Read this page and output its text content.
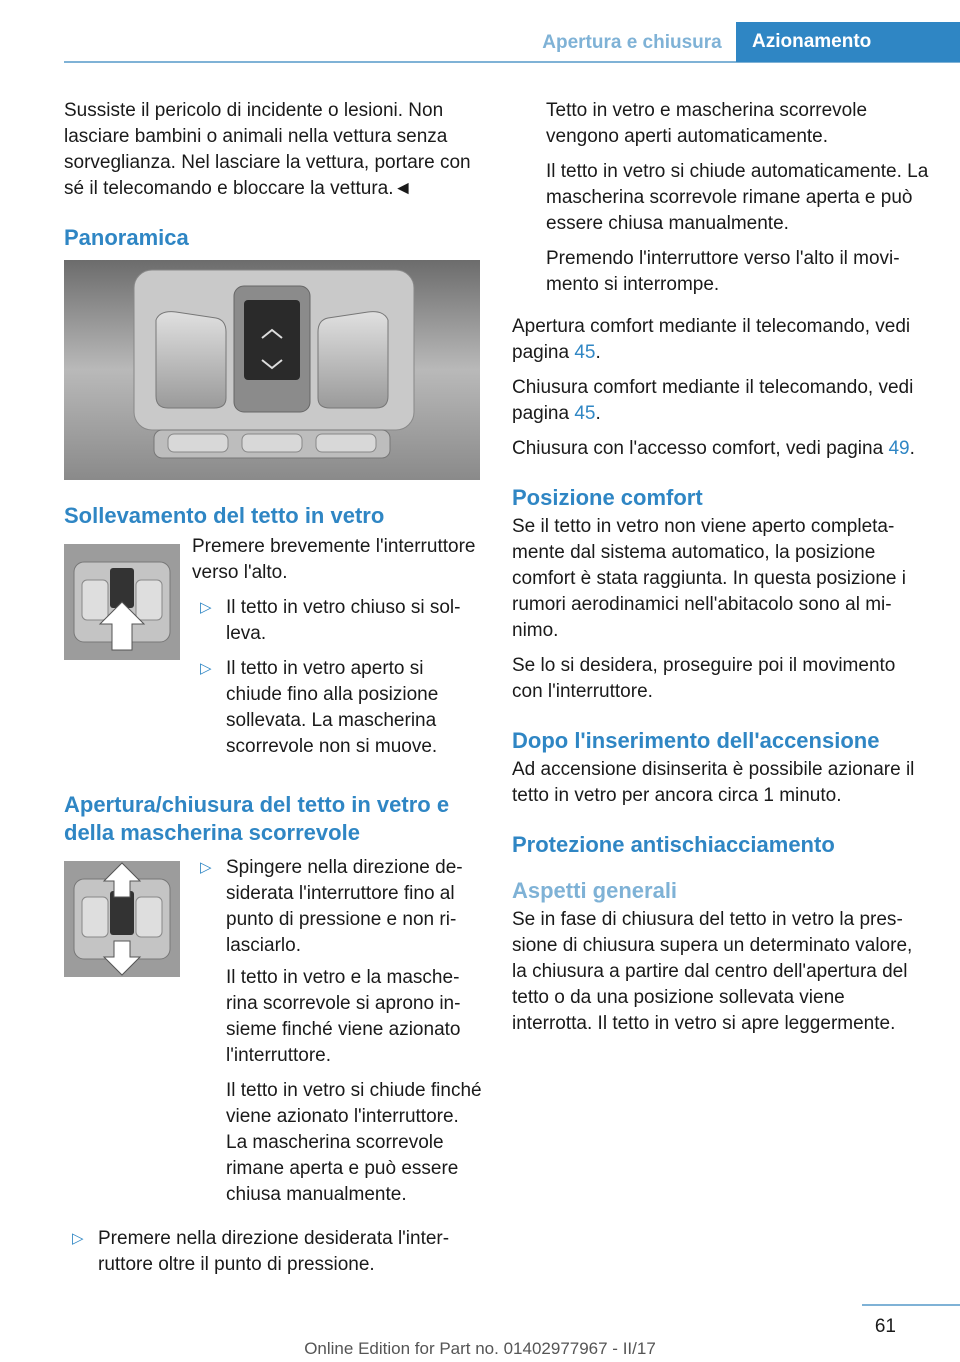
Apertura e chiusura	Azionamento

Sussiste il pericolo di incidente o lesioni. Non lasciare bambini o animali nella vettura senza sorveglianza. Nel lasciare la vettura, portare con sé il telecomando e bloccare la vettura.◄

Panoramica
Sollevamento del tetto in vetro

Premere brevemente l'interruttore verso l'alto.

▷ Il tetto in vetro chiuso si solleva.
▷ Il tetto in vetro aperto si chiude fino alla posizione sollevata. La mascherina scorrevole non si muove.
Apertura/chiusura del tetto in vetro e della mascherina scorrevole
▷ Spingere nella direzione desiderata l'interruttore fino al punto di pressione e non rilasciarlo.

Il tetto in vetro e la mascherina scorrevole si aprono insieme finché viene azionato l'interruttore.

Il tetto in vetro si chiude finché viene azionato l'interruttore. La mascherina scorrevole rimane aperta e può essere chiusa manualmente.

▷ Premere nella direzione desiderata l'interruttore oltre il punto di pressione.

Tetto in vetro e mascherina scorrevole vengono aperti automaticamente.

Il tetto in vetro si chiude automaticamente. La mascherina scorrevole rimane aperta e può essere chiusa manualmente.

Premendo l'interruttore verso l'alto il movimento si interrompe.

Apertura comfort mediante il telecomando, vedi pagina 45.

Chiusura comfort mediante il telecomando, vedi pagina 45.

Chiusura con l'accesso comfort, vedi pagina 49.

Posizione comfort

Se il tetto in vetro non viene aperto completamente dal sistema automatico, la posizione comfort è stata raggiunta. In questa posizione i rumori aerodinamici nell'abitacolo sono al minimo.

Se lo si desidera, proseguire poi il movimento con l'interruttore.

Dopo l'inserimento dell'accensione

Ad accensione disinserita è possibile azionare il tetto in vetro per ancora circa 1 minuto.

Protezione antischiacciamento
Aspetti generali

Se in fase di chiusura del tetto in vetro la pressione di chiusura supera un determinato valore, la chiusura a partire dal centro dell'apertura del tetto o da una posizione sollevata viene interrotta. Il tetto in vetro si apre leggermente.

61
Online Edition for Part no. 01402977967 - II/17
